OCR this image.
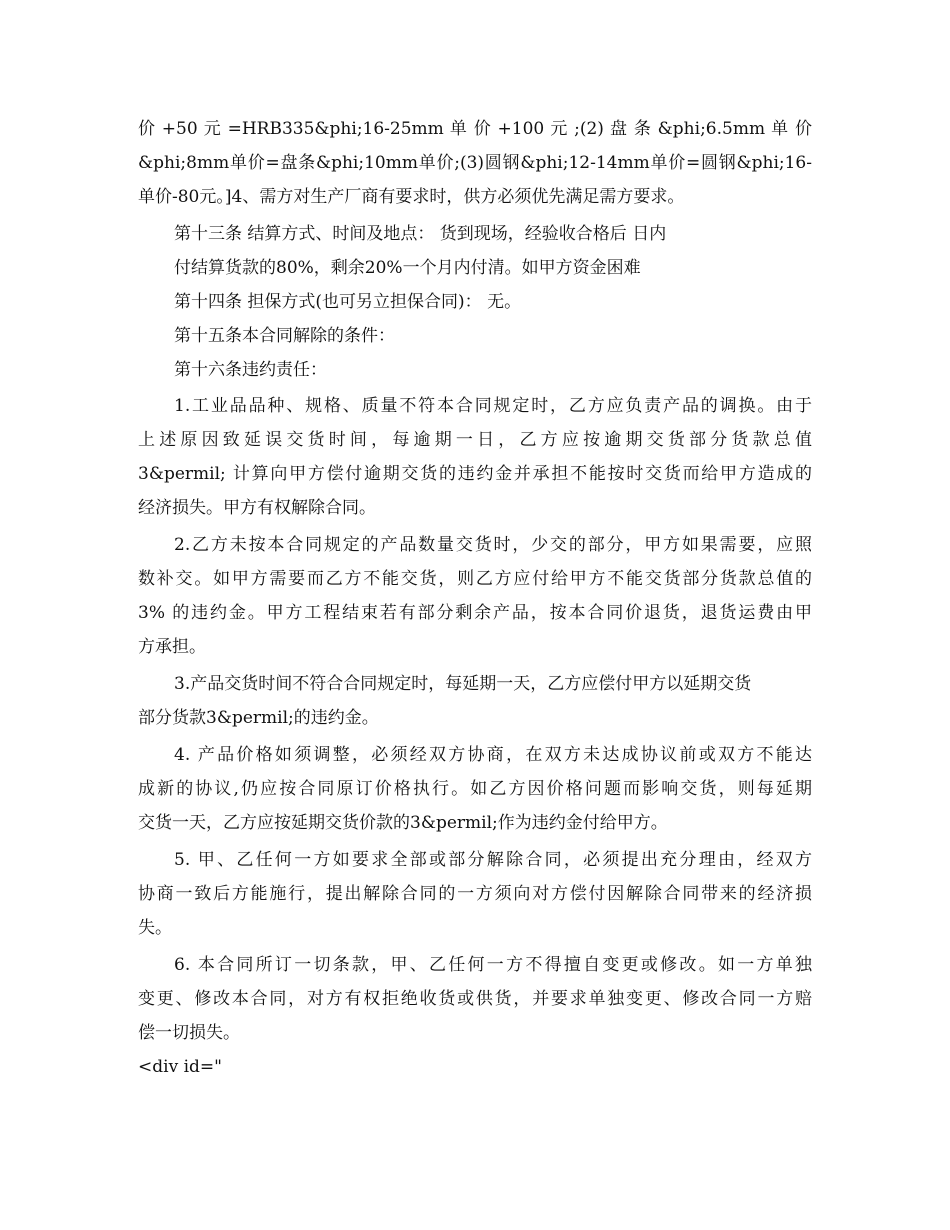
价 +50 元 =HRB335&phi;16-25mm 单 价 +100 元 ;(2) 盘 条 &phi;6.5mm 单 价
&phi;8mm单价=盘条&phi;10mm单价;(3)圆钢&phi;12-14mm单价=圆钢&phi;16-
单价-80元。]4、需方对生产厂商有要求时，供方必须优先满足需方要求。
第十三条 结算方式、时间及地点： 货到现场，经验收合格后 日内
付结算货款的80%，剩余20%一个月内付清。如甲方资金困难
第十四条 担保方式(也可另立担保合同)： 无。
第十五条本合同解除的条件：
第十六条违约责任：
1.工业品品种、规格、质量不符本合同规定时，乙方应负责产品的调换。由于
上述原因致延误交货时间，每逾期一日，乙方应按逾期交货部分货款总值
3&permil; 计算向甲方偿付逾期交货的违约金并承担不能按时交货而给甲方造成的
经济损失。甲方有权解除合同。
2.乙方未按本合同规定的产品数量交货时，少交的部分，甲方如果需要，应照
数补交。如甲方需要而乙方不能交货，则乙方应付给甲方不能交货部分货款总值的
3% 的违约金。甲方工程结束若有部分剩余产品，按本合同价退货，退货运费由甲
方承担。
3.产品交货时间不符合合同规定时，每延期一天，乙方应偿付甲方以延期交货
部分货款3&permil;的违约金。
4. 产品价格如须调整，必须经双方协商，在双方未达成协议前或双方不能达
成新的协议,仍应按合同原订价格执行。如乙方因价格问题而影响交货，则每延期
交货一天，乙方应按延期交货价款的3&permil;作为违约金付给甲方。
5. 甲、乙任何一方如要求全部或部分解除合同，必须提出充分理由，经双方
协商一致后方能施行，提出解除合同的一方须向对方偿付因解除合同带来的经济损
失。
6. 本合同所订一切条款，甲、乙任何一方不得擅自变更或修改。如一方单独
变更、修改本合同，对方有权拒绝收货或供货，并要求单独变更、修改合同一方赔
偿一切损失。
<div id="
